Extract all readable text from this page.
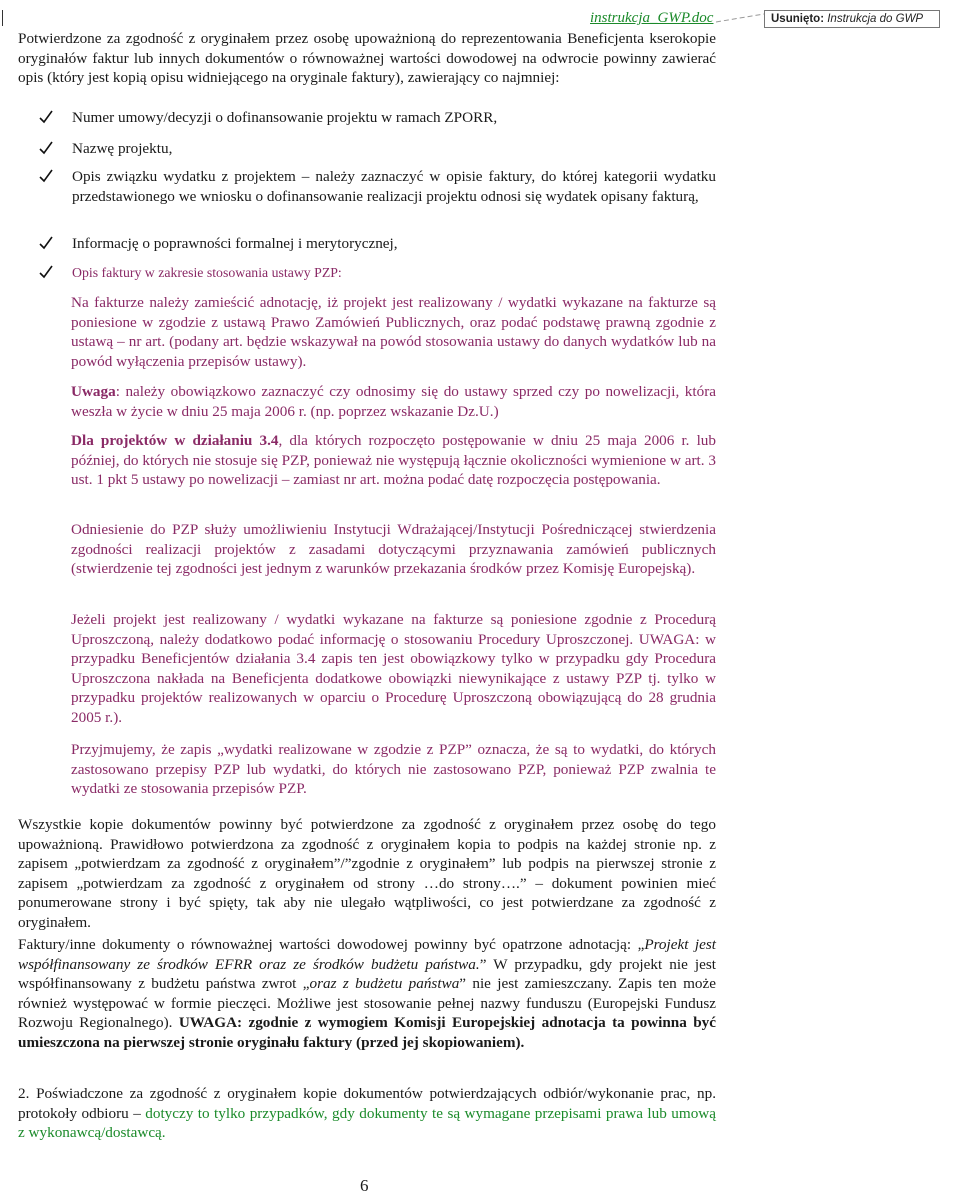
instrukcja_GWP.doc	Usunięto: Instrukcja do GWP
Potwierdzone za zgodność z oryginałem przez osobę upoważnioną do reprezentowania Beneficjenta kserokopie oryginałów faktur lub innych dokumentów o równoważnej wartości dowodowej na odwrocie powinny zawierać opis (który jest kopią opisu widniejącego na oryginale faktury), zawierający co najmniej:
Numer umowy/decyzji o dofinansowanie projektu w ramach ZPORR,
Nazwę projektu,
Opis związku wydatku z projektem – należy zaznaczyć w opisie faktury, do której kategorii wydatku przedstawionego we wniosku o dofinansowanie realizacji projektu odnosi się wydatek opisany fakturą,
Informację o poprawności formalnej i merytorycznej,
Opis faktury w zakresie stosowania ustawy PZP:
Na fakturze należy zamieścić adnotację, iż projekt jest realizowany / wydatki wykazane na fakturze są poniesione w zgodzie z ustawą Prawo Zamówień Publicznych, oraz podać podstawę prawną zgodnie z ustawą – nr art. (podany art. będzie wskazywał na powód stosowania ustawy do danych wydatków lub na powód wyłączenia przepisów ustawy).
Uwaga: należy obowiązkowo zaznaczyć czy odnosimy się do ustawy sprzed czy po nowelizacji, która weszła w życie w dniu 25 maja 2006 r. (np. poprzez wskazanie Dz.U.)
Dla projektów w działaniu 3.4, dla których rozpoczęto postępowanie w dniu 25 maja 2006 r. lub później, do których nie stosuje się PZP, ponieważ nie występują łącznie okoliczności wymienione w art. 3 ust. 1 pkt 5 ustawy po nowelizacji – zamiast nr art. można podać datę rozpoczęcia postępowania.
Odniesienie do PZP służy umożliwieniu Instytucji Wdrażającej/Instytucji Pośredniczącej stwierdzenia zgodności realizacji projektów z zasadami dotyczącymi przyznawania zamówień publicznych (stwierdzenie tej zgodności jest jednym z warunków przekazania środków przez Komisję Europejską).
Jeżeli projekt jest realizowany / wydatki wykazane na fakturze są poniesione zgodnie z Procedurą Uproszczoną, należy dodatkowo podać informację o stosowaniu Procedury Uproszczonej. UWAGA: w przypadku Beneficjentów działania 3.4 zapis ten jest obowiązkowy tylko w przypadku gdy Procedura Uproszczona nakłada na Beneficjenta dodatkowe obowiązki niewynikające z ustawy PZP tj. tylko w przypadku projektów realizowanych w oparciu o Procedurę Uproszczoną obowiązującą do 28 grudnia 2005 r.).
Przyjmujemy, że zapis „wydatki realizowane w zgodzie z PZP” oznacza, że są to wydatki, do których zastosowano przepisy PZP lub wydatki, do których nie zastosowano PZP, ponieważ PZP zwalnia te wydatki ze stosowania przepisów PZP.
Wszystkie kopie dokumentów powinny być potwierdzone za zgodność z oryginałem przez osobę do tego upoważnioną. Prawidłowo potwierdzona za zgodność z oryginałem kopia to podpis na każdej stronie np. z zapisem „potwierdzam za zgodność z oryginałem”/”zgodnie z oryginałem” lub podpis na pierwszej stronie z zapisem „potwierdzam za zgodność z oryginałem od strony …do strony….” – dokument powinien mieć ponumerowane strony i być spięty, tak aby nie ulegało wątpliwości, co jest potwierdzane za zgodność z oryginałem.
Faktury/inne dokumenty o równoważnej wartości dowodowej powinny być opatrzone adnotacją: „Projekt jest współfinansowany ze środków EFRR oraz ze środków budżetu państwa.” W przypadku, gdy projekt nie jest współfinansowany z budżetu państwa zwrot „oraz z budżetu państwa” nie jest zamieszczany. Zapis ten może również występować w formie pieczęci. Możliwe jest stosowanie pełnej nazwy funduszu (Europejski Fundusz Rozwoju Regionalnego). UWAGA: zgodnie z wymogiem Komisji Europejskiej adnotacja ta powinna być umieszczona na pierwszej stronie oryginału faktury (przed jej skopiowaniem).
2. Poświadczone za zgodność z oryginałem kopie dokumentów potwierdzających odbiór/wykonanie prac, np. protokoły odbioru – dotyczy to tylko przypadków, gdy dokumenty te są wymagane przepisami prawa lub umową z wykonawcą/dostawcą.
6
